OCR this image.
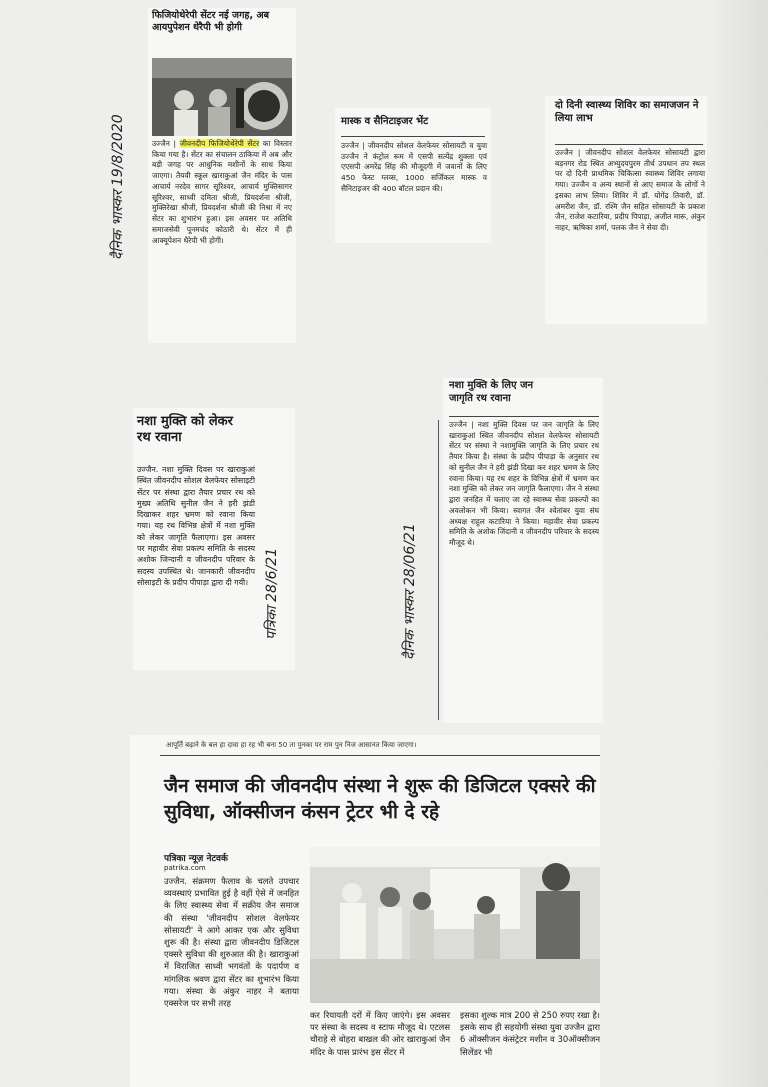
फिजियोथेरेपी सेंटर नई जगह, अब आयपुपेशन थेरैपी भी होगी
उज्जैन | जीवनदीप फिजियोथेरेपी सेंटर का विस्तार किया गया है। सेंटर का संचालन ठाकिया में अब और बड़ी जगह पर आधुनिक मशीनों के साथ किया जाएगा। तैयवी स्कूल खाराकुआं जैन मंदिर के पास आचार्य नरदेव सागर सूरिश्वर, आचार्य मुक्तिसागर सूरिश्वर, साध्वी दमिता श्रीजी, प्रियदर्शना श्रीजी, मुक्तिरेखा श्रीजी, प्रियदर्शना श्रीजी की निश्रा में नए सेंटर का शुभारंभ हुआ। इस अवसर पर अतिथि समाजसेवी पूनमचंद कोठारी थे। सेंटर में ही आक्यूपेशन थैरेपी भी होगी।
दैनिक भास्कर 19/8/2020	मास्क व सैनिटाइजर भेंट
उज्जैन | जीवनदीप सोशल वेलफेयर सोसायटी व युवा उज्जैन ने कंट्रोल रूम में एसपी सत्येंद्र शुक्ला एवं एएसपी अमरेंद्र सिंह की मौजूदगी में जवानों के लिए 450 फेस्ट ग्लव्स, 1000 सर्जिकल मास्क व सैनिटाइजर की 400 बॉटल प्रदान की।
दो दिनी स्वास्थ्य शिविर का समाजजन ने लिया लाभ
उज्जैन | जीवनदीप सोशल वेलफेयर सोसायटी द्वारा बड़नगर रोड स्थित अभ्युदयपुरम तीर्थ उपधान तप स्थल पर दो दिनी प्राथमिक चिकित्सा स्वास्थ्य शिविर लगाया गया। उज्जैन व अन्य स्थानों से आए समाज के लोगों ने इसका लाभ लिया। शिविर में डॉ. योगेंद्र तिवारी, डॉ. अमरीश जैन, डॉ. रश्मि जैन सहित सोसायटी के प्रकाश जैन, राजेश कटारिया, प्रदीप पिपाड़ा, अजीत मारू, अंकुर नाहर, ऋषिका शर्मा, पलक जैन ने सेवा दी।
नशा मुक्ति को लेकर रथ रवाना
उज्जैन. नशा मुक्ति दिवस पर खाराकुआं स्थित जीवनदीप सोशल वेलफेयर सोसाइटी सेंटर पर संस्था द्वारा तैयार प्रचार रथ को मुख्य अतिथि सुनील जैन ने हरी झंडी दिखाकर शहर भ्रमण को रवाना किया गया। यह रथ विभिन्न क्षेत्रों में नशा मुक्ति को लेकर जागृति फैलाएगा। इस अवसर पर महावीर सेवा प्रकल्प समिति के सदस्य अशोक जिन्दानी व जीवनदीप परिवार के सदस्य उपस्थित थे। जानकारी जीवनदीप सोसाइटी के प्रदीप पीपाड़ा द्वारा दी गयी।	पत्रिका 28/6/21
नशा मुक्ति के लिए जन जागृति रथ रवाना
उज्जैन | नशा मुक्ति दिवस पर जन जागृति के लिए खाराकुआं स्थित जीवनदीप सोशल वेलफेयर सोसायटी सेंटर पर संस्था ने नशामुक्ति जागृति के लिए प्रचार रथ तैयार किया है। संस्था के प्रदीप पीपाड़ा के अनुसार रथ को सुनील जैन ने हरी झंडी दिखा कर शहर भ्रमण के लिए रवाना किया। यह रथ शहर के विभिन्न क्षेत्रों में भ्रमण कर नशा मुक्ति को लेकर जन जागृति फैलाएगा। जैन ने संस्था द्वारा जनहित में चलाए जा रहे स्वास्थ्य सेवा प्रकल्पों का अवलोकन भी किया। स्वागत जैन श्वेतांबर युवा संघ अध्यक्ष राहुल कटारिया ने किया। महावीर सेवा प्रकल्प समिति के अशोक जिंदानी व जीवनदीप परिवार के सदस्य मौजूद थे।
दैनिक भास्कर 28/06/21
आपूर्ति बढ़ाने के बल हा दावा हा रह भी बना 50 ता पुनका पर राम पुन निज आसानत किया जाएगा।
जैन समाज की जीवनदीप संस्था ने शुरू की डिजिटल एक्सरे की सुविधा, ऑक्सीजन कंसन ट्रेटर भी दे रहे
पत्रिका न्यूज़ नेटवर्क
patrika.com
उज्जैन. संक्रमण फैलाव के चलते उपचार व्यवस्थाएं प्रभावित हुई है वहीं ऐसे में जनहित के लिए स्वास्थ्य सेवा में सक्रीय जैन समाज की संस्था 'जीवनदीप सोशल वेलफेयर सोसायटी' ने आगे आकर एक और सुविधा शुरू की है। संस्था द्वारा जीवनदीप डिजिटल एक्सरे सुविधा की शुरुआत की है। खाराकुआं में विराजित साध्वी भगवंतों के पदार्पण व मांगलिक श्रवण द्वारा सेंटर का शुभारंभ किया गया। संस्था के अंकुर नाहर ने बताया एक्सरेज पर सभी तरह
कर रियायती दरों में किए जाएंगे। इस अवसर पर संस्था के सदस्य व स्टाफ मौजूद थे। एटलस चौराहे से बोहरा बाखल की ओर खाराकुआं जैन मंदिर के पास प्रारंभ इस सेंटर में
इसका शुल्क मात्र 200 से 250 रुपए रखा है। इसके साथ ही सहयोगी संस्था युवा उज्जैन द्वारा 6 ऑक्सीजन कंसंट्रेटर मशीन व 30ऑक्सीजन सिलेंडर भी
